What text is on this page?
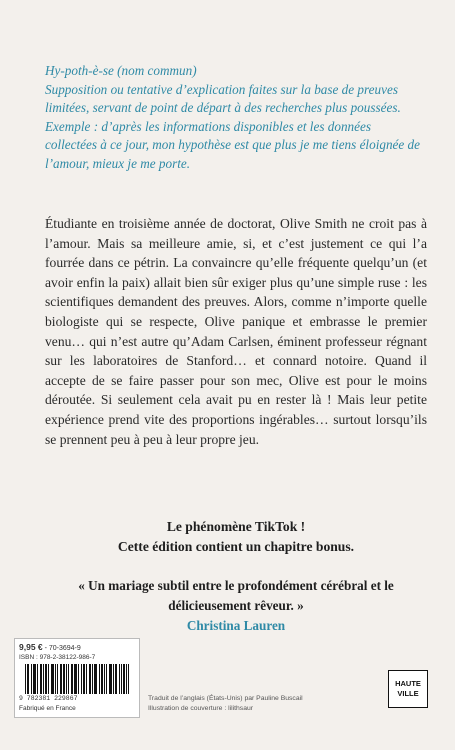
Hy-poth-è-se (nom commun)

Supposition ou tentative d’explication faites sur la base de preuves limitées, servant de point de départ à des recherches plus poussées.

Exemple : d’après les informations disponibles et les données collectées à ce jour, mon hypothèse est que plus je me tiens éloignée de l’amour, mieux je me porte.

Étudiante en troisième année de doctorat, Olive Smith ne croit pas à l’amour. Mais sa meilleure amie, si, et c’est justement ce qui l’a fourrée dans ce pétrin. La convaincre qu’elle fréquente quelqu’un (et avoir enfin la paix) allait bien sûr exiger plus qu’une simple ruse : les scientifiques demandent des preuves. Alors, comme n’importe quelle biologiste qui se respecte, Olive panique et embrasse le premier venu… qui n’est autre qu’Adam Carlsen, éminent professeur régnant sur les laboratoires de Stanford… et connard notoire. Quand il accepte de se faire passer pour son mec, Olive est pour le moins déroutée. Si seulement cela avait pu en rester là ! Mais leur petite expérience prend vite des proportions ingérables… surtout lorsqu’ils se prennent peu à peu à leur propre jeu.

Le phénomène TikTok !

Cette édition contient un chapitre bonus.

« Un mariage subtil entre le profondément cérébral et le délicieusement rêveur. »

Christina Lauren

9,95 € - 70-3694-9
ISBN : 978-2-38122-986-7
9 782381 229867
Fabriqué en France

Traduit de l’anglais (États-Unis) par Pauline Buscail

Illustration de couverture : lilithsaur

HAUTE
VILLE
